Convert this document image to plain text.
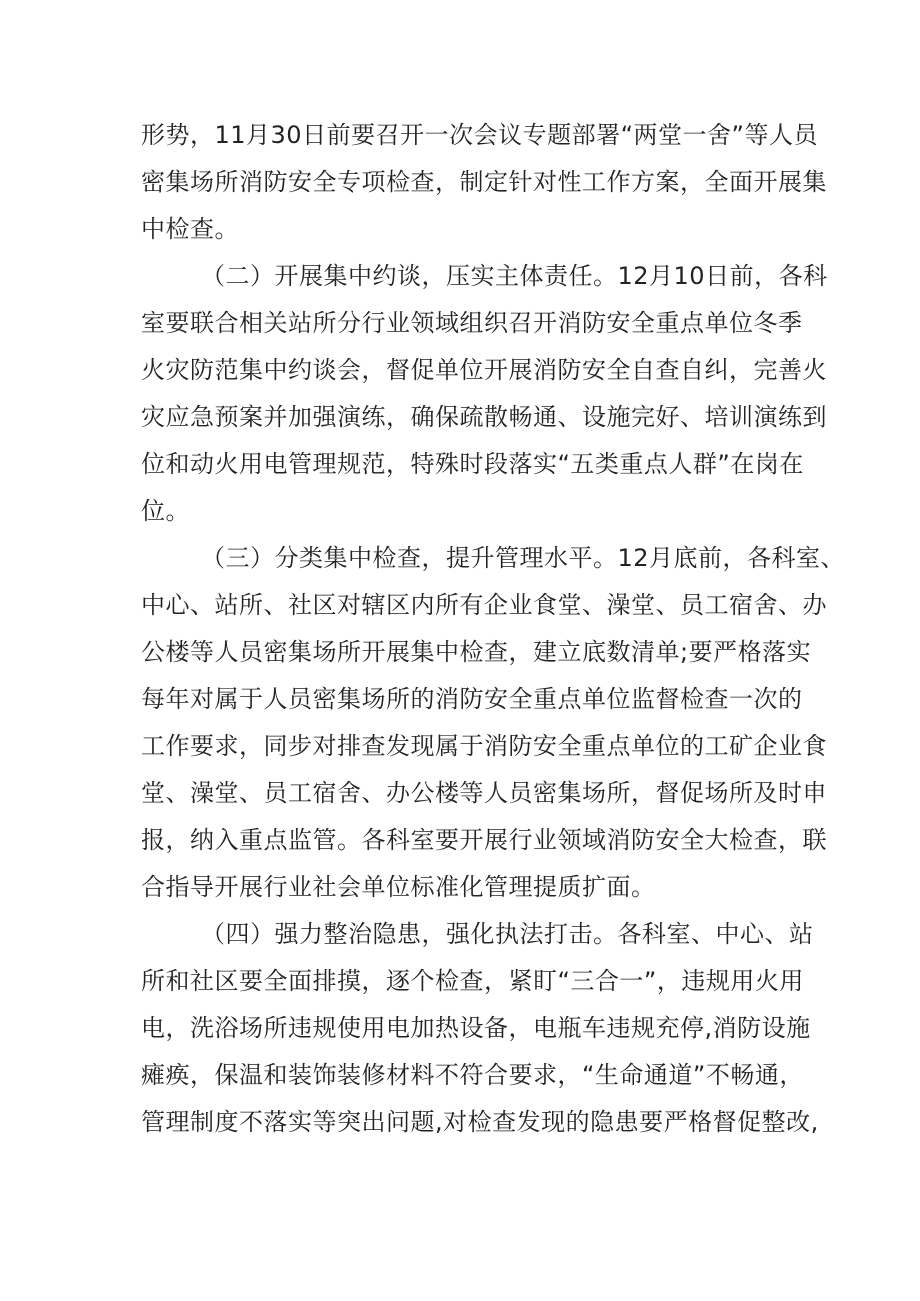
形势，11月30日前要召开一次会议专题部署“两堂一舍”等人员
密集场所消防安全专项检查，制定针对性工作方案，全面开展集
中检查。
（二）开展集中约谈，压实主体责任。12月10日前，各科
室要联合相关站所分行业领域组织召开消防安全重点单位冬季
火灾防范集中约谈会，督促单位开展消防安全自查自纠，完善火
灾应急预案并加强演练，确保疏散畅通、设施完好、培训演练到
位和动火用电管理规范，特殊时段落实“五类重点人群”在岗在
位。
（三）分类集中检查，提升管理水平。12月底前，各科室、
中心、站所、社区对辖区内所有企业食堂、澡堂、员工宿舍、办
公楼等人员密集场所开展集中检查，建立底数清单;要严格落实
每年对属于人员密集场所的消防安全重点单位监督检查一次的
工作要求，同步对排查发现属于消防安全重点单位的工矿企业食
堂、澡堂、员工宿舍、办公楼等人员密集场所，督促场所及时申
报，纳入重点监管。各科室要开展行业领域消防安全大检查，联
合指导开展行业社会单位标准化管理提质扩面。
（四）强力整治隐患，强化执法打击。各科室、中心、站
所和社区要全面排摸，逐个检查，紧盯“三合一”，违规用火用
电，洗浴场所违规使用电加热设备，电瓶车违规充停,消防设施
瘫痪，保温和装饰装修材料不符合要求，“生命通道”不畅通，
管理制度不落实等突出问题,对检查发现的隐患要严格督促整改,
